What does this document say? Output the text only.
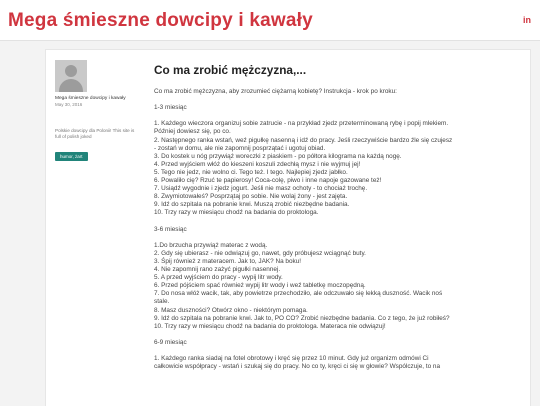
Mega śmieszne dowcipy i kawały	in
Mega śmieszne dowcipy i kawały
May 30, 2016
Polskie dowcipy dla Polonii! This site is full of polish joked
humor, żart
Co ma zrobić mężczyzna,...

Co ma zrobić mężczyzna, aby zrozumieć ciężarną kobietę? Instrukcja - krok po kroku:

1-3 miesiąc

1. Każdego wieczora organizuj sobie zatrucie - na przykład zjedz przeterminowaną rybę i popij mlekiem.

Później dowiesz się, po co.

2. Następnego ranka wstań, weź pigułkę nasenną i idź do pracy. Jeśli rzeczywiście bardzo źle się czujesz

- zostań w domu, ale nie zapomnij posprzątać i ugotuj obiad.

3. Do kostek u nóg przywiąż woreczki z piaskiem - po półtora kilograma na każdą nogę.

4. Przed wyjściem włóż do kieszeni koszuli zdechłą mysz i nie wyjmuj jej!

5. Tego nie jedz, nie wolno ci. Tego też. I tego. Najlepiej zjedz jabłko.

6. Powaliło cię? Rzuć te papierosy! Coca-colę, piwo i inne napoje gazowane też!

7. Usiądź wygodnie i zjedz jogurt. Jeśli nie masz ochoty - to chociaż trochę.

8. Zwymiotowałeś? Posprzątaj po sobie. Nie wolaj żony - jest zajęta.

9. Idź do szpitala na pobranie krwi. Muszą zrobić niezbędne badania.

10. Trzy razy w miesiącu chodź na badania do proktologa.

3-6 miesiąc

1.Do brzucha przywiąż materac z wodą.

2. Gdy się ubierasz - nie odwiązuj go, nawet, gdy próbujesz wciągnąć buty.

3. Śpij również z materacem. Jak to, JAK? Na boku!

4. Nie zapomnij rano zażyć pigułki nasennej.

5. A przed wyjściem do pracy - wypij litr wody.

6. Przed pójściem spać również wypij litr wody i weź tabletkę moczopędną.

7. Do nosa włóż wacik, tak, aby powietrze przechodziło, ale odczuwało się lekką duszność. Wacik noś

stale.

8. Masz duszności? Otwórz okno - niektórym pomaga.

9. Idź do szpitala na pobranie krwi. Jak to, PO CO? Zrobić niezbędne badania. Co z tego, że już robiłeś?

10. Trzy razy w miesiącu chodź na badania do proktologa. Materaca nie odwiązuj!

6-9 miesiąc

1. Każdego ranka siadaj na fotel obrotowy i kręć się przez 10 minut. Gdy już organizm odmówi Ci

całkowicie współpracy - wstań i szukaj się do pracy. No co ty, kręci ci się w głowie? Wspólczuje, to na
